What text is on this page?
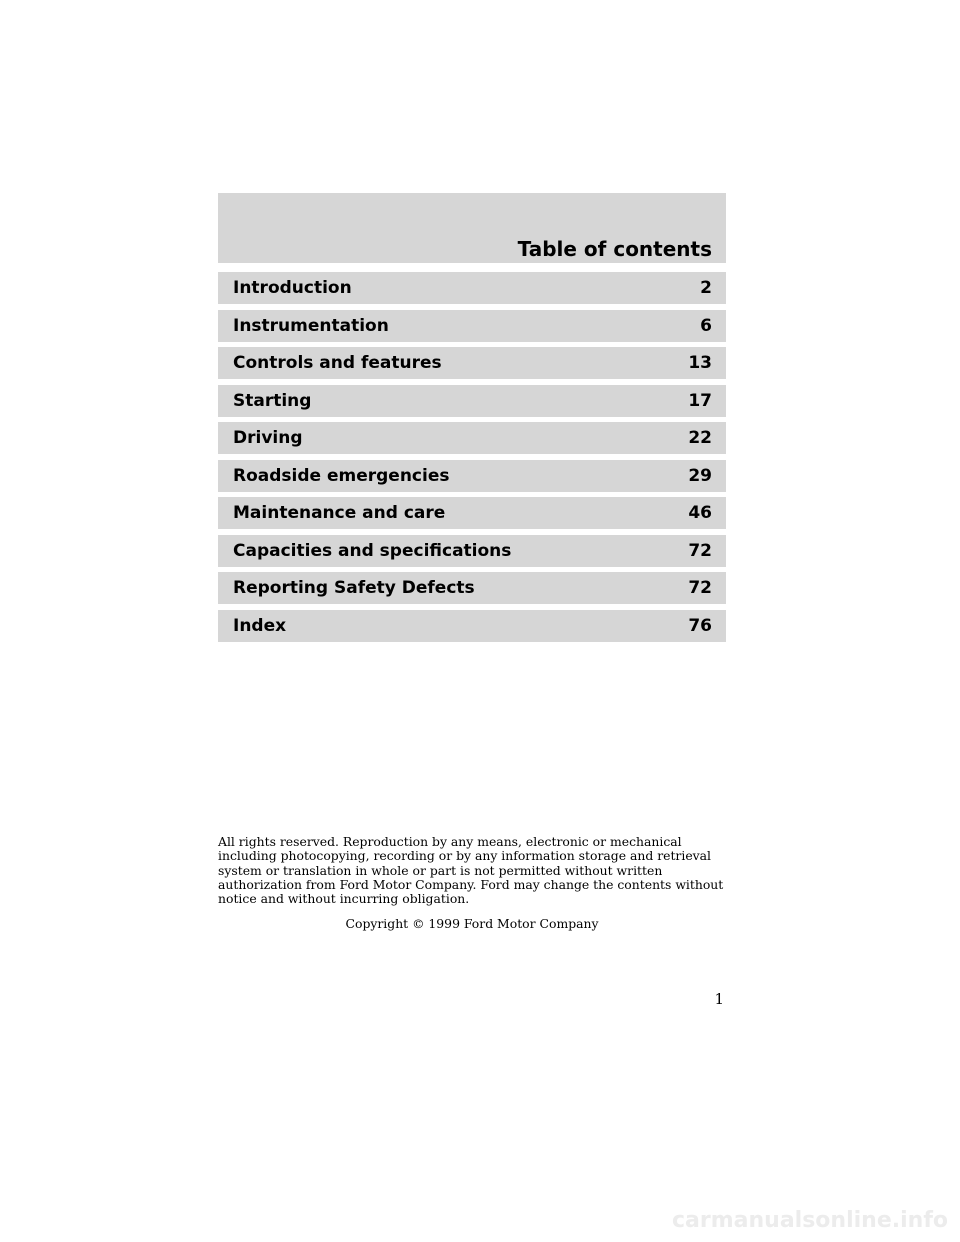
Table of contents
Introduction	2
Instrumentation	6
Controls and features	13
Starting	17
Driving	22
Roadside emergencies	29
Maintenance and care	46
Capacities and specifications	72
Reporting Safety Defects	72
Index	76
All rights reserved. Reproduction by any means, electronic or mechanical
including photocopying, recording or by any information storage and retrieval
system or translation in whole or part is not permitted without written
authorization from Ford Motor Company. Ford may change the contents without
notice and without incurring obligation.
Copyright © 1999 Ford Motor Company
1
carmanualsonline.info
